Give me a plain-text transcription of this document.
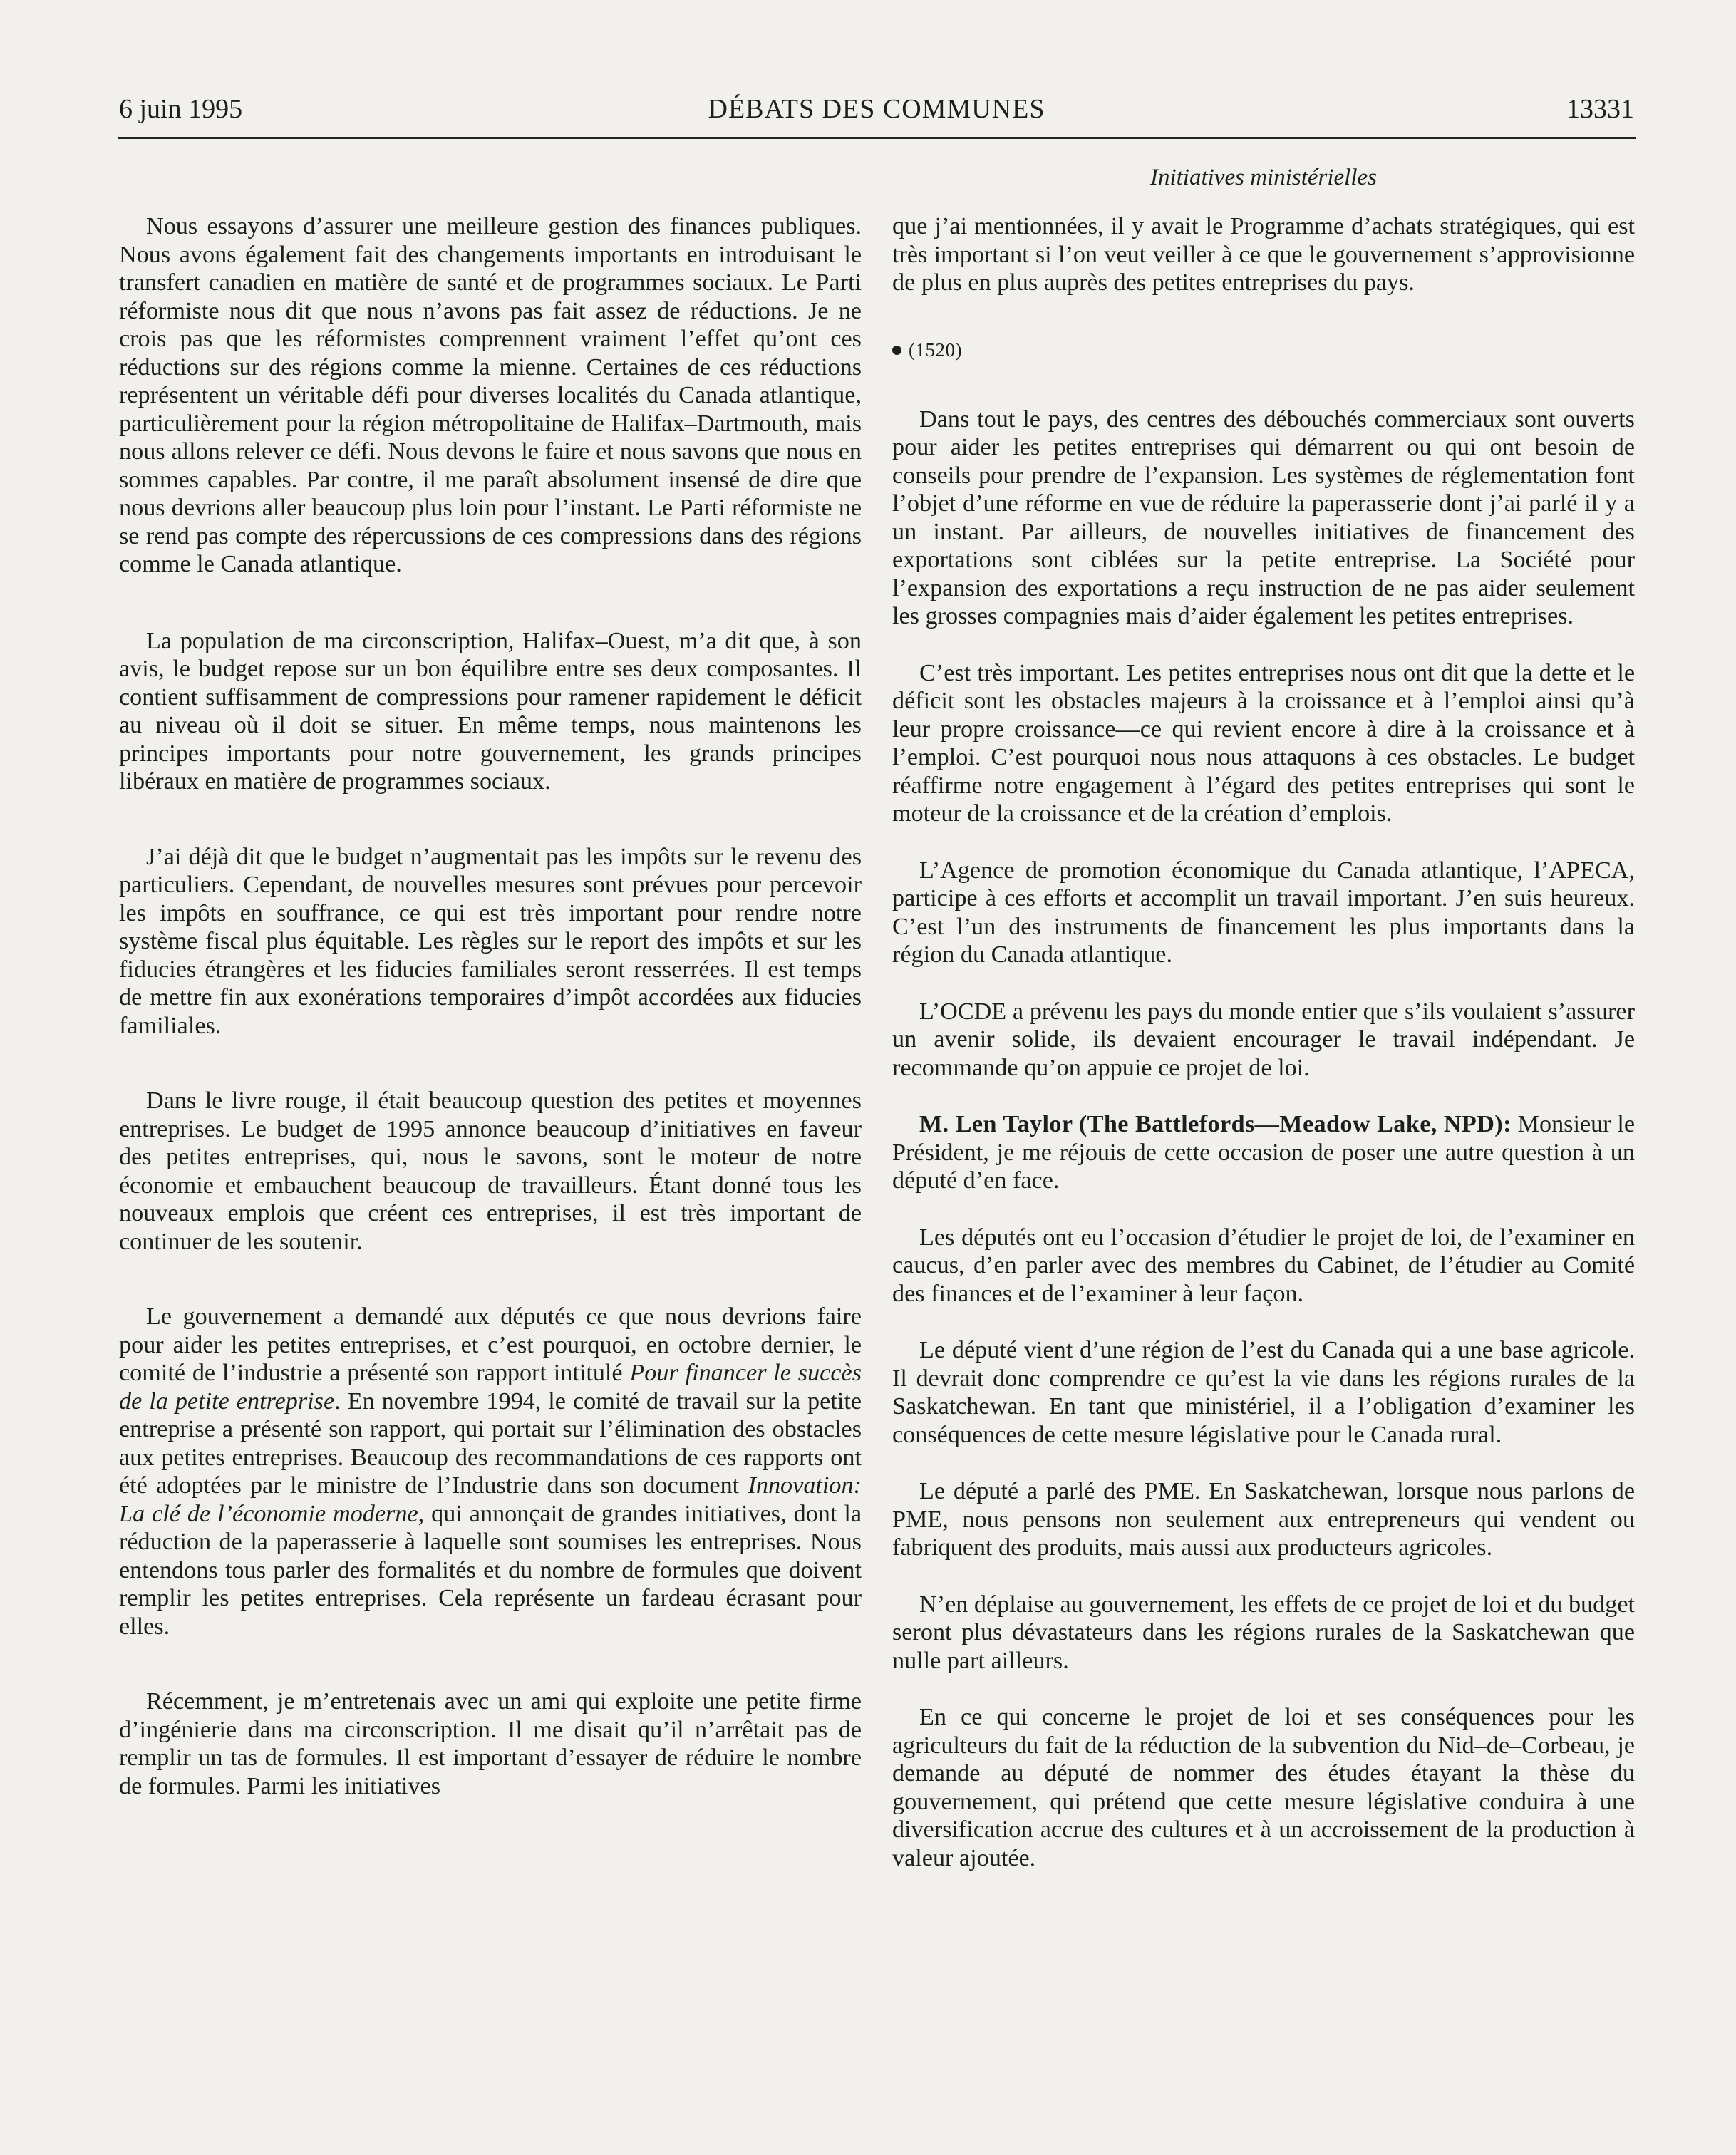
6 juin 1995	DÉBATS DES COMMUNES	13331
Initiatives ministérielles

Nous essayons d’assurer une meilleure gestion des finances publiques. Nous avons également fait des changements importants en introduisant le transfert canadien en matière de santé et de programmes sociaux. Le Parti réformiste nous dit que nous n’avons pas fait assez de réductions. Je ne crois pas que les réformistes comprennent vraiment l’effet qu’ont ces réductions sur des régions comme la mienne. Certaines de ces réductions représentent un véritable défi pour diverses localités du Canada atlantique, particulièrement pour la région métropolitaine de Halifax–Dartmouth, mais nous allons relever ce défi. Nous devons le faire et nous savons que nous en sommes capables. Par contre, il me paraît absolument insensé de dire que nous devrions aller beaucoup plus loin pour l’instant. Le Parti réformiste ne se rend pas compte des répercussions de ces compressions dans des régions comme le Canada atlantique.

La population de ma circonscription, Halifax–Ouest, m’a dit que, à son avis, le budget repose sur un bon équilibre entre ses deux composantes. Il contient suffisamment de compressions pour ramener rapidement le déficit au niveau où il doit se situer. En même temps, nous maintenons les principes importants pour notre gouvernement, les grands principes libéraux en matière de programmes sociaux.

J’ai déjà dit que le budget n’augmentait pas les impôts sur le revenu des particuliers. Cependant, de nouvelles mesures sont prévues pour percevoir les impôts en souffrance, ce qui est très important pour rendre notre système fiscal plus équitable. Les règles sur le report des impôts et sur les fiducies étrangères et les fiducies familiales seront resserrées. Il est temps de mettre fin aux exonérations temporaires d’impôt accordées aux fiducies familiales.

Dans le livre rouge, il était beaucoup question des petites et moyennes entreprises. Le budget de 1995 annonce beaucoup d’initiatives en faveur des petites entreprises, qui, nous le savons, sont le moteur de notre économie et embauchent beaucoup de travailleurs. Étant donné tous les nouveaux emplois que créent ces entreprises, il est très important de continuer de les soutenir.

Le gouvernement a demandé aux députés ce que nous devrions faire pour aider les petites entreprises, et c’est pourquoi, en octobre dernier, le comité de l’industrie a présenté son rapport intitulé Pour financer le succès de la petite entreprise. En novembre 1994, le comité de travail sur la petite entreprise a présenté son rapport, qui portait sur l’élimination des obstacles aux petites entreprises. Beaucoup des recommandations de ces rapports ont été adoptées par le ministre de l’Industrie dans son document Innovation: La clé de l’économie moderne, qui annonçait de grandes initiatives, dont la réduction de la paperasserie à laquelle sont soumises les entreprises. Nous entendons tous parler des formalités et du nombre de formules que doivent remplir les petites entreprises. Cela représente un fardeau écrasant pour elles.

Récemment, je m’entretenais avec un ami qui exploite une petite firme d’ingénierie dans ma circonscription. Il me disait qu’il n’arrêtait pas de remplir un tas de formules. Il est important d’essayer de réduire le nombre de formules. Parmi les initiatives

que j’ai mentionnées, il y avait le Programme d’achats stratégiques, qui est très important si l’on veut veiller à ce que le gouvernement s’approvisionne de plus en plus auprès des petites entreprises du pays.

(1520)

Dans tout le pays, des centres des débouchés commerciaux sont ouverts pour aider les petites entreprises qui démarrent ou qui ont besoin de conseils pour prendre de l’expansion. Les systèmes de réglementation font l’objet d’une réforme en vue de réduire la paperasserie dont j’ai parlé il y a un instant. Par ailleurs, de nouvelles initiatives de financement des exportations sont ciblées sur la petite entreprise. La Société pour l’expansion des exportations a reçu instruction de ne pas aider seulement les grosses compagnies mais d’aider également les petites entreprises.

C’est très important. Les petites entreprises nous ont dit que la dette et le déficit sont les obstacles majeurs à la croissance et à l’emploi ainsi qu’à leur propre croissance—ce qui revient encore à dire à la croissance et à l’emploi. C’est pourquoi nous nous attaquons à ces obstacles. Le budget réaffirme notre engagement à l’égard des petites entreprises qui sont le moteur de la croissance et de la création d’emplois.

L’Agence de promotion économique du Canada atlantique, l’APECA, participe à ces efforts et accomplit un travail important. J’en suis heureux. C’est l’un des instruments de financement les plus importants dans la région du Canada atlantique.

L’OCDE a prévenu les pays du monde entier que s’ils voulaient s’assurer un avenir solide, ils devaient encourager le travail indépendant. Je recommande qu’on appuie ce projet de loi.

M. Len Taylor (The Battlefords—Meadow Lake, NPD): Monsieur le Président, je me réjouis de cette occasion de poser une autre question à un député d’en face.

Les députés ont eu l’occasion d’étudier le projet de loi, de l’examiner en caucus, d’en parler avec des membres du Cabinet, de l’étudier au Comité des finances et de l’examiner à leur façon.

Le député vient d’une région de l’est du Canada qui a une base agricole. Il devrait donc comprendre ce qu’est la vie dans les régions rurales de la Saskatchewan. En tant que ministériel, il a l’obligation d’examiner les conséquences de cette mesure législative pour le Canada rural.

Le député a parlé des PME. En Saskatchewan, lorsque nous parlons de PME, nous pensons non seulement aux entrepreneurs qui vendent ou fabriquent des produits, mais aussi aux producteurs agricoles.

N’en déplaise au gouvernement, les effets de ce projet de loi et du budget seront plus dévastateurs dans les régions rurales de la Saskatchewan que nulle part ailleurs.

En ce qui concerne le projet de loi et ses conséquences pour les agriculteurs du fait de la réduction de la subvention du Nid–de–Corbeau, je demande au député de nommer des études étayant la thèse du gouvernement, qui prétend que cette mesure législative conduira à une diversification accrue des cultures et à un accroissement de la production à valeur ajoutée.
